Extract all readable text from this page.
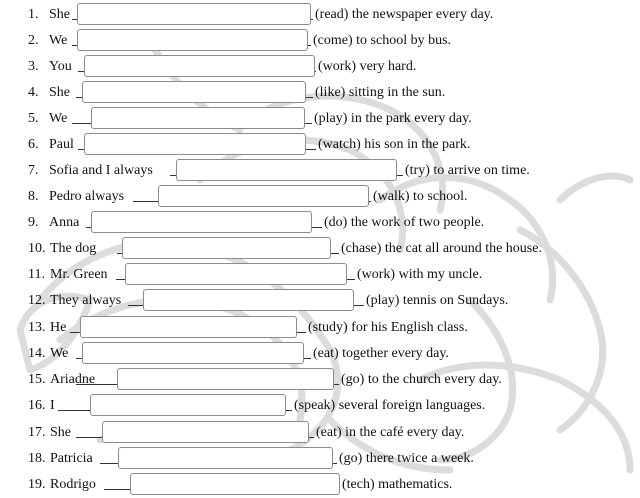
1. She	(read) the newspaper every day.
2. We	(come) to school by bus.
3. You	(work) very hard.
4. She	(like) sitting in the sun.
5. We	(play) in the park every day.
6. Paul	(watch) his son in the park.
7. Sofia and I always	(try) to arrive on time.
8. Pedro always	(walk) to school.
9. Anna	(do) the work of two people.
10. The dog	(chase) the cat all around the house.
11. Mr. Green	(work) with my uncle.
12. They always	(play) tennis on Sundays.
13. He	(study) for his English class.
14. We	(eat) together every day.
15. Ariadne	(go) to the church every day.
16. I	(speak) several foreign languages.
17. She	(eat) in the café every day.
18. Patricia	(go) there twice a week.
19. Rodrigo	(tech) mathematics.
